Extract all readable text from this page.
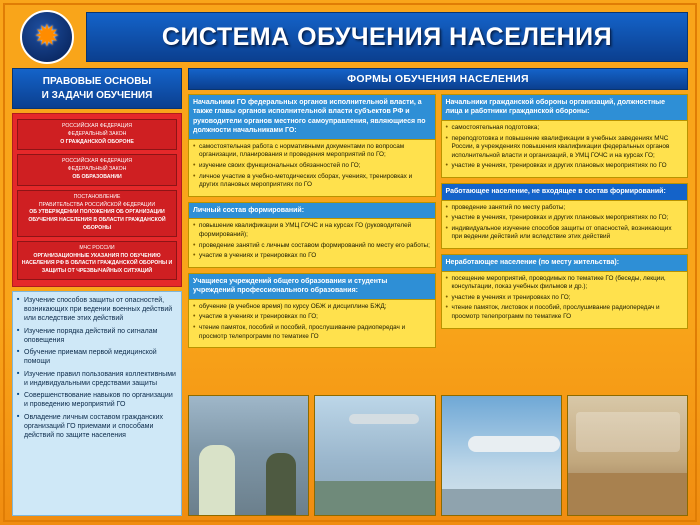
✹	СИСТЕМА ОБУЧЕНИЯ НАСЕЛЕНИЯ
ПРАВОВЫЕ ОСНОВЫ
И ЗАДАЧИ ОБУЧЕНИЯ
РОССИЙСКАЯ ФЕДЕРАЦИЯ
ФЕДЕРАЛЬНЫЙ ЗАКОН
О ГРАЖДАНСКОЙ ОБОРОНЕ
РОССИЙСКАЯ ФЕДЕРАЦИЯ
ФЕДЕРАЛЬНЫЙ ЗАКОН
ОБ ОБРАЗОВАНИИ
ПОСТАНОВЛЕНИЕ
ПРАВИТЕЛЬСТВА РОССИЙСКОЙ ФЕДЕРАЦИИ
ОБ УТВЕРЖДЕНИИ ПОЛОЖЕНИЯ ОБ ОРГАНИЗАЦИИ ОБУЧЕНИЯ НАСЕЛЕНИЯ В ОБЛАСТИ ГРАЖДАНСКОЙ ОБОРОНЫ
МЧС РОССИИ
ОРГАНИЗАЦИОННЫЕ УКАЗАНИЯ ПО ОБУЧЕНИЮ НАСЕЛЕНИЯ РФ В ОБЛАСТИ ГРАЖДАНСКОЙ ОБОРОНЫ И ЗАЩИТЫ ОТ ЧРЕЗВЫЧАЙНЫХ СИТУАЦИЙ
■ Изучение способов защиты от опасностей, возникающих при ведении военных действий или вследствие этих действий
■ Изучение порядка действий по сигналам оповещения
■ Обучение приемам первой медицинской помощи
■ Изучение правил пользования коллективными и индивидуальными средствами защиты
■ Совершенствование навыков по организации и проведению мероприятий ГО
■ Овладение личным составом гражданских организаций ГО приемами и способами действий по защите населения
ФОРМЫ ОБУЧЕНИЯ НАСЕЛЕНИЯ
Начальники ГО федеральных органов исполнительной власти, а также главы органов исполнительной власти субъектов РФ и руководители органов местного самоуправления, являющиеся по должности начальниками ГО:
• самостоятельная работа с нормативными документами по вопросам организации, планирования и проведения мероприятий по ГО;
• изучение своих функциональных обязанностей по ГО;
• личное участие в учебно-методических сборах, учениях, тренировках и других плановых мероприятиях по ГО
Личный состав формирований:
• повышение квалификации в УМЦ ГОЧС и на курсах ГО (руководителей формирований);
• проведение занятий с личным составом формирований по месту его работы;
• участие в учениях и тренировках по ГО
Учащиеся учреждений общего образования и студенты учреждений профессионального образования:
• обучение (в учебное время) по курсу ОБЖ и дисциплине БЖД;
• участие в учениях и тренировках по ГО;
• чтение памяток, пособий и пособий, прослушивание радиопередач и просмотр телепрограмм по тематике ГО
Начальники гражданской обороны организаций, должностные лица и работники гражданской обороны:
• самостоятельная подготовка;
• переподготовка и повышение квалификации в учебных заведениях МЧС России, в учреждениях повышения квалификации федеральных органов исполнительной власти и организаций, в УМЦ ГОЧС и на курсах ГО;
• участие в учениях, тренировках и других плановых мероприятиях по ГО
Работающее население, не входящее в состав формирований:
• проведение занятий по месту работы;
• участие в учениях, тренировках и других плановых мероприятиях по ГО;
• индивидуальное изучение способов защиты от опасностей, возникающих при ведении действий или вследствие этих действий
Неработающее население (по месту жительства):
• посещение мероприятий, проводимых по тематике ГО (беседы, лекции, консультации, показ учебных фильмов и др.);
• участие в учениях и тренировках по ГО;
• чтение памяток, листовок и пособий, прослушивание радиопередач и просмотр телепрограмм по тематике ГО
